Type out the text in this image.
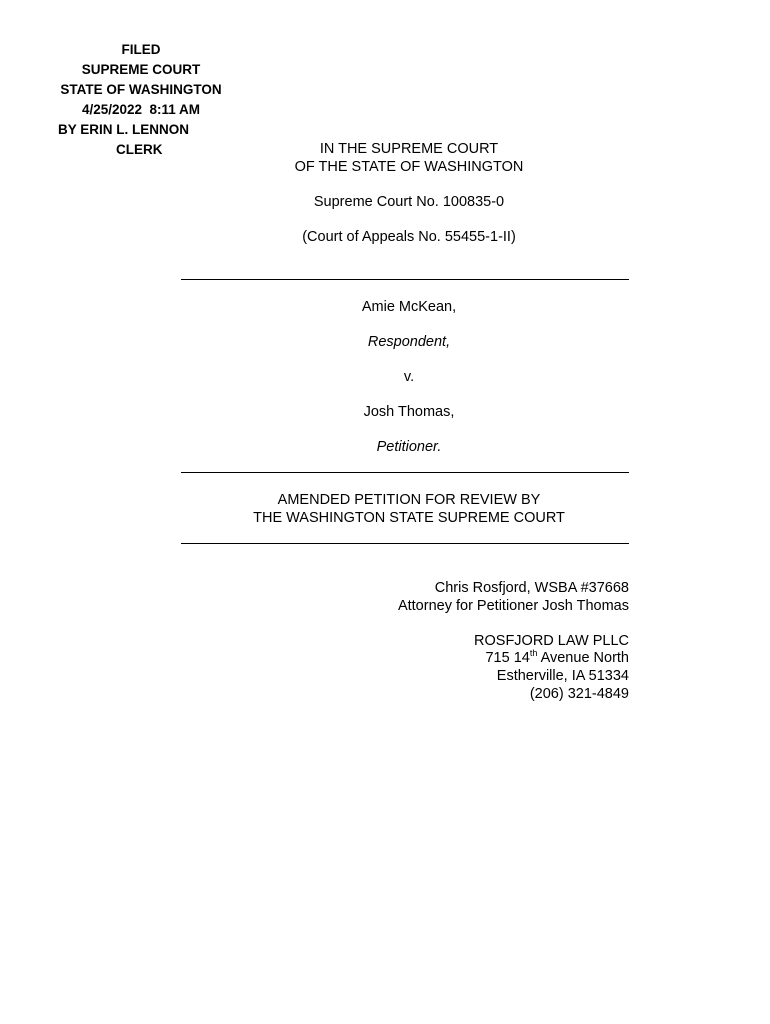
FILED
SUPREME COURT
STATE OF WASHINGTON
4/25/2022  8:11 AM
BY ERIN L. LENNON
CLERK	IN THE SUPREME COURT
OF THE STATE OF WASHINGTON
Supreme Court No. 100835-0
(Court of Appeals No. 55455-1-II)
Amie McKean,
Respondent,
v.
Josh Thomas,
Petitioner.
AMENDED PETITION FOR REVIEW BY
THE WASHINGTON STATE SUPREME COURT
Chris Rosfjord, WSBA #37668
Attorney for Petitioner Josh Thomas
ROSFJORD LAW PLLC
715 14th Avenue North
Estherville, IA 51334
(206) 321-4849
